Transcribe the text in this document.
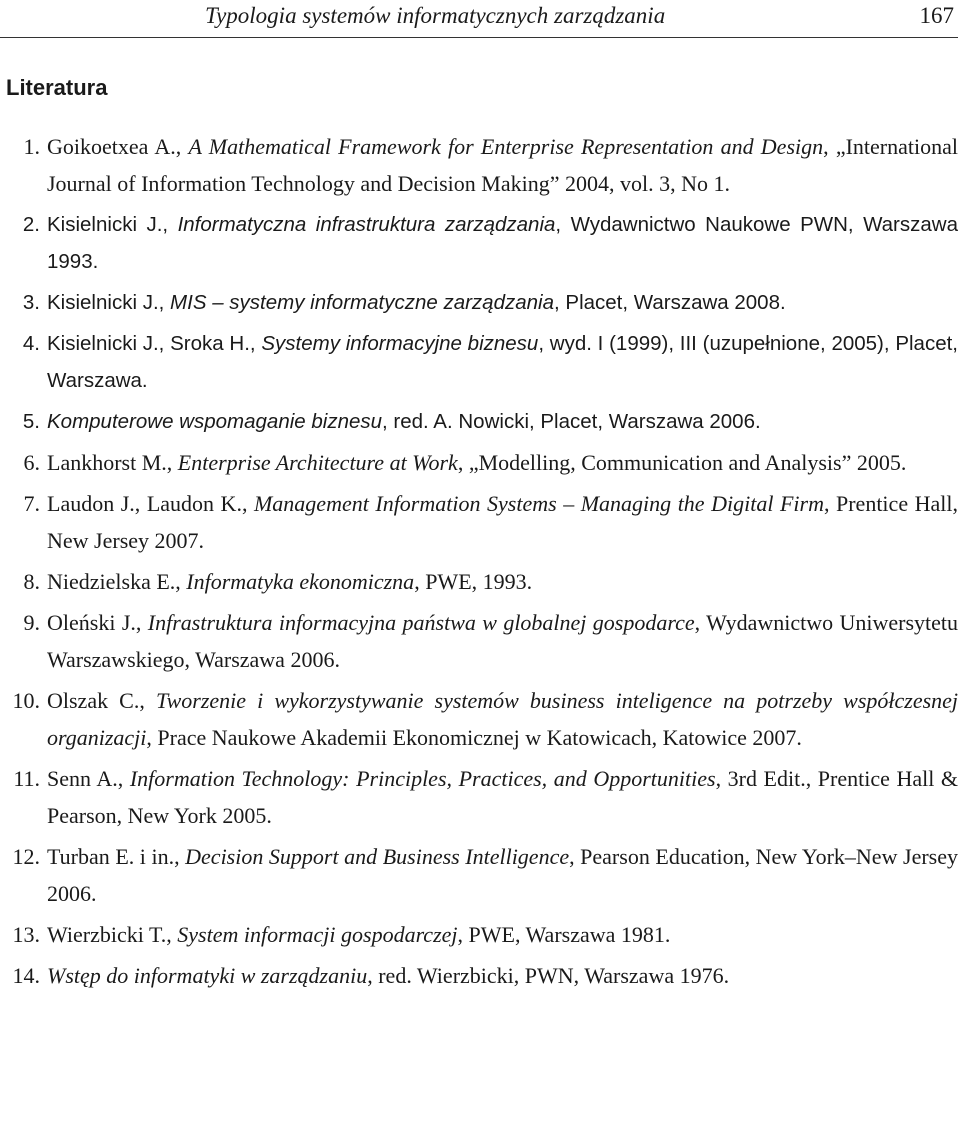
Typologia systemów informatycznych zarządzania	167
Literatura
1. Goikoetxea A., A Mathematical Framework for Enterprise Representation and Design, „International Journal of Information Technology and Decision Making” 2004, vol. 3, No 1.
2. Kisielnicki J., Informatyczna infrastruktura zarządzania, Wydawnictwo Naukowe PWN, Warszawa 1993.
3. Kisielnicki J., MIS – systemy informatyczne zarządzania, Placet, Warszawa 2008.
4. Kisielnicki J., Sroka H., Systemy informacyjne biznesu, wyd. I (1999), III (uzupełnione, 2005), Placet, Warszawa.
5. Komputerowe wspomaganie biznesu, red. A. Nowicki, Placet, Warszawa 2006.
6. Lankhorst M., Enterprise Architecture at Work, „Modelling, Communication and Analysis” 2005.
7. Laudon J., Laudon K., Management Information Systems – Managing the Digital Firm, Prentice Hall, New Jersey 2007.
8. Niedzielska E., Informatyka ekonomiczna, PWE, 1993.
9. Oleński J., Infrastruktura informacyjna państwa w globalnej gospodarce, Wydawnictwo Uniwersytetu Warszawskiego, Warszawa 2006.
10. Olszak C., Tworzenie i wykorzystywanie systemów business inteligence na potrzeby współczesnej organizacji, Prace Naukowe Akademii Ekonomicznej w Katowicach, Katowice 2007.
11. Senn A., Information Technology: Principles, Practices, and Opportunities, 3rd Edit., Prentice Hall & Pearson, New York 2005.
12. Turban E. i in., Decision Support and Business Intelligence, Pearson Education, New York–New Jersey 2006.
13. Wierzbicki T., System informacji gospodarczej, PWE, Warszawa 1981.
14. Wstęp do informatyki w zarządzaniu, red. Wierzbicki, PWN, Warszawa 1976.
